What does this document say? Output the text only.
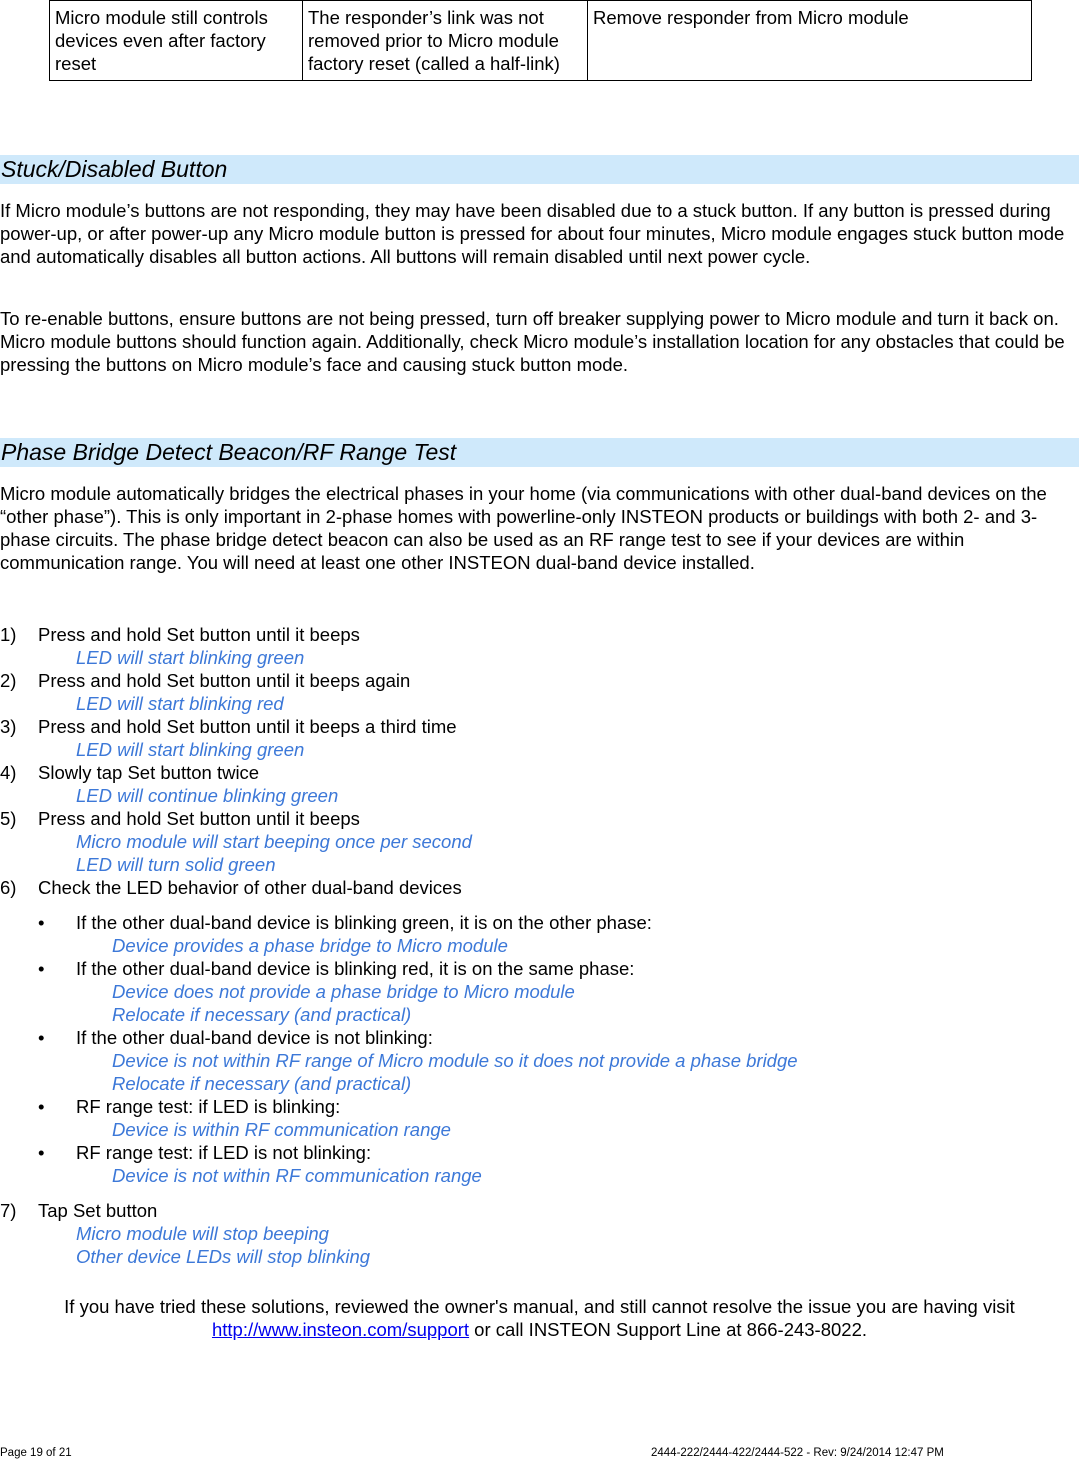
Micro module still controls devices even after factory reset	The responder’s link was not removed prior to Micro module factory reset (called a half-link)	Remove responder from Micro module
Stuck/Disabled Button

If Micro module’s buttons are not responding, they may have been disabled due to a stuck button. If any button is pressed during power-up, or after power-up any Micro module button is pressed for about four minutes, Micro module engages stuck button mode and automatically disables all button actions. All buttons will remain disabled until next power cycle.

To re-enable buttons, ensure buttons are not being pressed, turn off breaker supplying power to Micro module and turn it back on. Micro module buttons should function again. Additionally, check Micro module’s installation location for any obstacles that could be pressing the buttons on Micro module’s face and causing stuck button mode.

Phase Bridge Detect Beacon/RF Range Test

Micro module automatically bridges the electrical phases in your home (via communications with other dual-band devices on the “other phase”). This is only important in 2-phase homes with powerline-only INSTEON products or buildings with both 2- and 3- phase circuits. The phase bridge detect beacon can also be used as an RF range test to see if your devices are within communication range. You will need at least one other INSTEON dual-band device installed.

1) Press and hold Set button until it beeps
LED will start blinking green
2) Press and hold Set button until it beeps again
LED will start blinking red
3) Press and hold Set button until it beeps a third time
LED will start blinking green
4) Slowly tap Set button twice
LED will continue blinking green
5) Press and hold Set button until it beeps
Micro module will start beeping once per second
LED will turn solid green
6) Check the LED behavior of other dual-band devices
• If the other dual-band device is blinking green, it is on the other phase:
Device provides a phase bridge to Micro module
• If the other dual-band device is blinking red, it is on the same phase:
Device does not provide a phase bridge to Micro module
Relocate if necessary (and practical)
• If the other dual-band device is not blinking:
Device is not within RF range of Micro module so it does not provide a phase bridge
Relocate if necessary (and practical)
• RF range test: if LED is blinking:
Device is within RF communication range
• RF range test: if LED is not blinking:
Device is not within RF communication range
7) Tap Set button
Micro module will stop beeping
Other device LEDs will stop blinking

If you have tried these solutions, reviewed the owner's manual, and still cannot resolve the issue you are having visit
http://www.insteon.com/support or call INSTEON Support Line at 866-243-8022.

Page 19 of 21	2444-222/2444-422/2444-522 - Rev: 9/24/2014 12:47 PM
